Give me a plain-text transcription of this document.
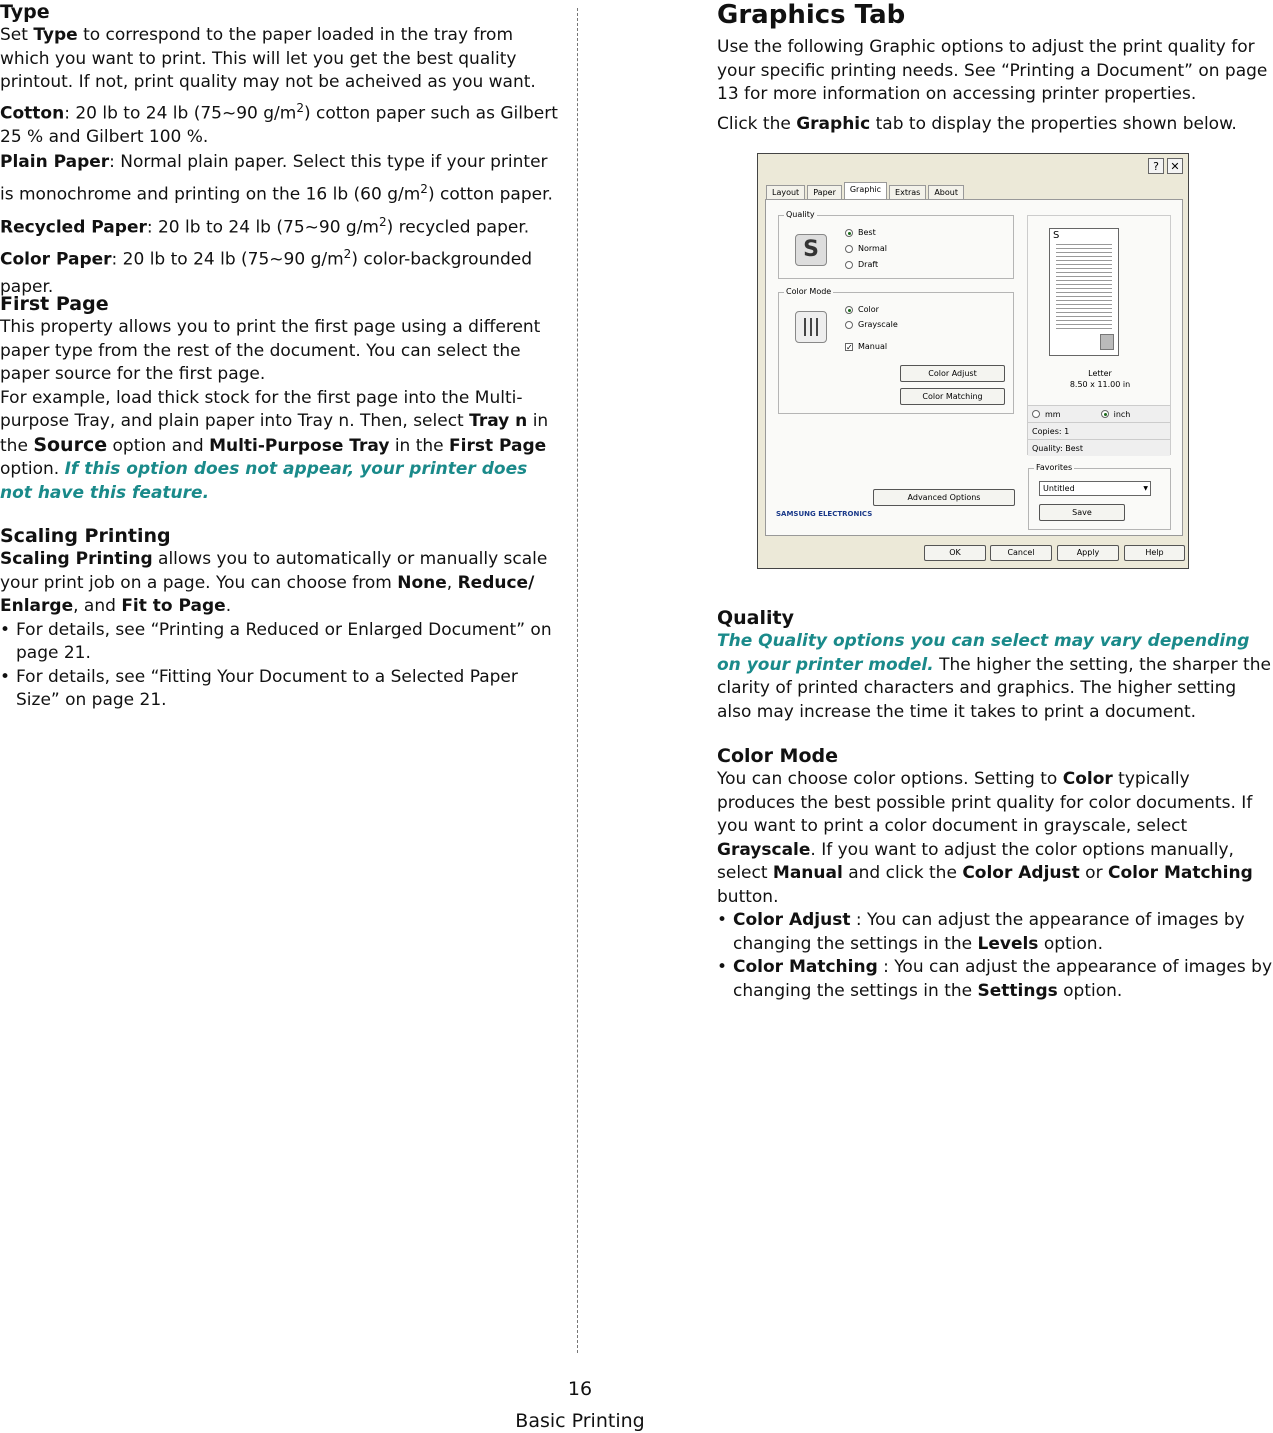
Type

Set Type to correspond to the paper loaded in the tray from which you want to print. This will let you get the best quality printout. If not, print quality may not be acheived as you want.

Cotton: 20 lb to 24 lb (75~90 $g/m^2$) cotton paper such as Gilbert 25 % and Gilbert 100 %.

Plain Paper: Normal plain paper. Select this type if your printer is monochrome and printing on the 16 lb (60 $g/m^2$) cotton paper.

Recycled Paper: 20 lb to 24 lb (75~90 $g/m^2$) recycled paper.

Color Paper: 20 lb to 24 lb (75~90 $g/m^2$) color-backgrounded paper.

First Page

This property allows you to print the first page using a different paper type from the rest of the document. You can select the paper source for the first page.

For example, load thick stock for the first page into the Multi-purpose Tray, and plain paper into Tray n. Then, select Tray n in the Source option and Multi-Purpose Tray in the First Page option. If this option does not appear, your printer does not have this feature.

Scaling Printing

Scaling Printing allows you to automatically or manually scale your print job on a page. You can choose from None, Reduce/ Enlarge, and Fit to Page.

• For details, see “Printing a Reduced or Enlarged Document” on page 21.
• For details, see “Fitting Your Document to a Selected Paper Size” on page 21.
Graphics Tab

Use the following Graphic options to adjust the print quality for your specific printing needs. See “Printing a Document” on page 13 for more information on accessing printer properties.

Click the Graphic tab to display the properties shown below.

Quality

The Quality options you can select may vary depending on your printer model. The higher the setting, the sharper the clarity of printed characters and graphics. The higher setting also may increase the time it takes to print a document.

Color Mode

You can choose color options. Setting to Color typically produces the best possible print quality for color documents. If you want to print a color document in grayscale, select Grayscale. If you want to adjust the color options manually, select Manual and click the Color Adjust or Color Matching button.

• Color Adjust : You can adjust the appearance of images by changing the settings in the Levels option.
• Color Matching : You can adjust the appearance of images by changing the settings in the Settings option.
?	✕
Layout	Paper	Graphic	Extras	About
Quality
S
Best
Normal
Draft
Color Mode
Color
Grayscale
✓ Manual
Color Adjust
Color Matching
S
Letter
8.50 x 11.00 in
mm	inch
Copies: 1
Quality: Best
Favorites
Untitled	▼
Save
Advanced Options
SAMSUNG ELECTRONICS
OK	Cancel	Apply	Help
16
Basic Printing
